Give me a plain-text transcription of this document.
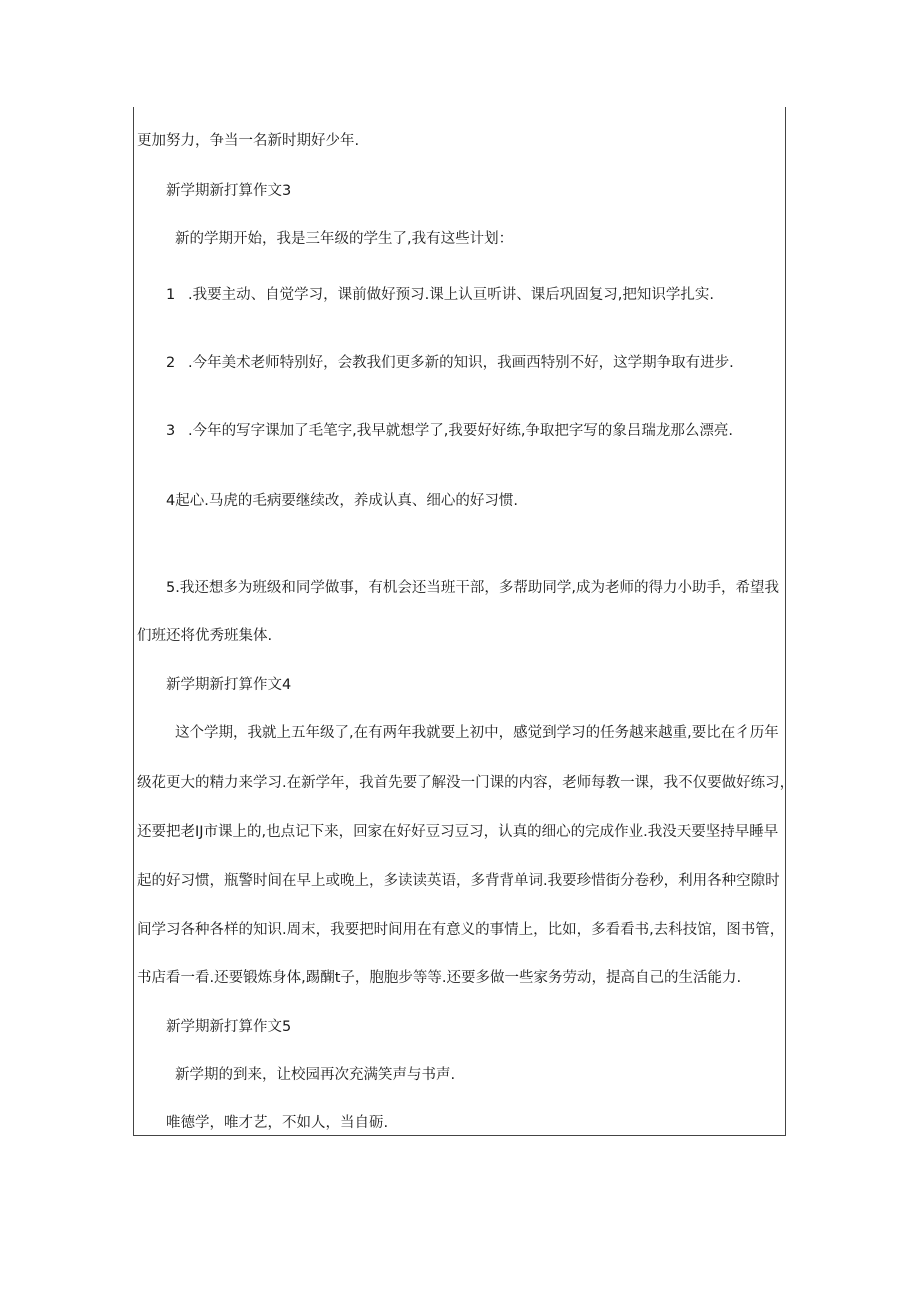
更加努力，争当一名新时期好少年.
新学期新打算作文3
新的学期开始，我是三年级的学生了,我有这些计划：
1 .我要主动、自觉学习，课前做好预习.课上认亘听讲、课后巩固复习,把知识学扎实.
2 .今年美术老师特别好，会教我们更多新的知识，我画西特别不好，这学期争取有进步.
3 .今年的写字课加了毛笔字,我早就想学了,我要好好练,争取把字写的象吕瑞龙那么漂亮.
4起心.马虎的毛病要继续改，养成认真、细心的好习惯.
5.我还想多为班级和同学做事，有机会还当班干部，多帮助同学,成为老师的得力小助手，希望我
们班还将优秀班集体.
新学期新打算作文4
这个学期，我就上五年级了,在有两年我就要上初中，感觉到学习的任务越来越重,要比在彳历年
级花更大的精力来学习.在新学年，我首先要了解没一门课的内容，老师每教一课，我不仅要做好练习，
还要把老IJ市课上的,也点记下来，回家在好好豆习豆习，认真的细心的完成作业.我没天要坚持早睡早
起的好习惯，瓶警时间在早上或晚上，多读读英语，多背背单词.我要珍惜街分卷秒，利用各种空隙时
间学习各种各样的知识.周末，我要把时间用在有意义的事情上，比如，多看看书,去科技馆，图书管，
书店看一看.还要锻炼身体,踢醐t子，胞胞步等等.还要多做一些家务劳动，提高自己的生活能力.
新学期新打算作文5
新学期的到来，让校园再次充满笑声与书声.
唯德学，唯才艺，不如人，当自砺.
